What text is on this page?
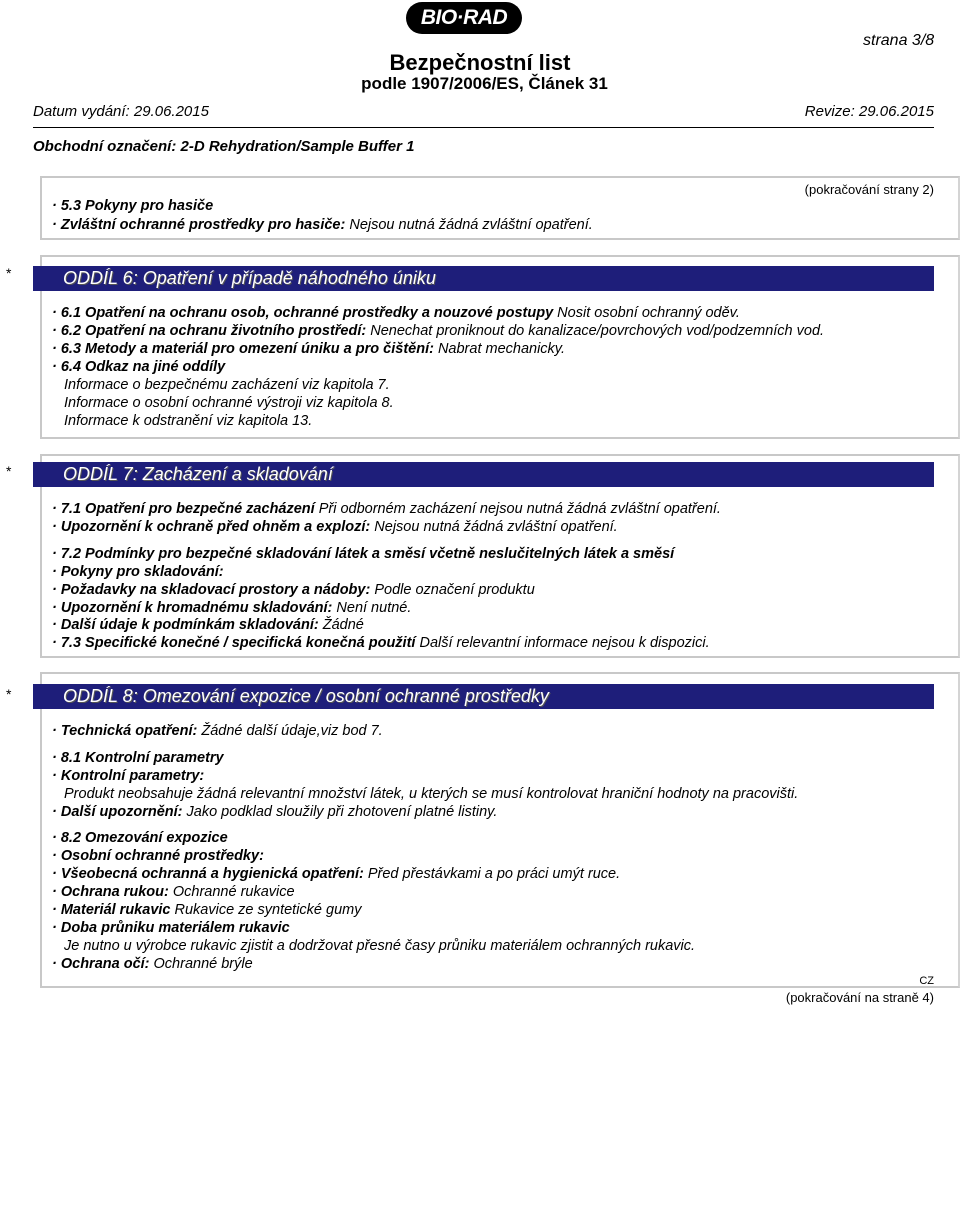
BIO·RAD
strana 3/8
Bezpečnostní list
podle 1907/2006/ES, Článek 31
Datum vydání: 29.06.2015	Revize: 29.06.2015
Obchodní označení: 2-D Rehydration/Sample Buffer 1
(pokračování strany 2)
· 5.3 Pokyny pro hasiče
· Zvláštní ochranné prostředky pro hasiče: Nejsou nutná žádná zvláštní opatření.
*	ODDÍL 6: Opatření v případě náhodného úniku
· 6.1 Opatření na ochranu osob, ochranné prostředky a nouzové postupy Nosit osobní ochranný oděv.
· 6.2 Opatření na ochranu životního prostředí: Nenechat proniknout do kanalizace/povrchových vod/podzemních vod.
· 6.3 Metody a materiál pro omezení úniku a pro čištění: Nabrat mechanicky.
· 6.4 Odkaz na jiné oddíly
Informace o bezpečnému zacházení viz kapitola 7.
Informace o osobní ochranné výstroji viz kapitola 8.
Informace k odstranění viz kapitola 13.
*	ODDÍL 7: Zacházení a skladování
· 7.1 Opatření pro bezpečné zacházení Při odborném zacházení nejsou nutná žádná zvláštní opatření.
· Upozornění k ochraně před ohněm a explozí: Nejsou nutná žádná zvláštní opatření.
· 7.2 Podmínky pro bezpečné skladování látek a směsí včetně neslučitelných látek a směsí
· Pokyny pro skladování:
· Požadavky na skladovací prostory a nádoby: Podle označení produktu
· Upozornění k hromadnému skladování: Není nutné.
· Další údaje k podmínkám skladování: Žádné
· 7.3 Specifické konečné / specifická konečná použití Další relevantní informace nejsou k dispozici.
*	ODDÍL 8: Omezování expozice / osobní ochranné prostředky
· Technická opatření: Žádné další údaje,viz bod 7.
· 8.1 Kontrolní parametry
· Kontrolní parametry:
Produkt neobsahuje žádná relevantní množství látek, u kterých se musí kontrolovat hraniční hodnoty na pracovišti.
· Další upozornění: Jako podklad sloužily při zhotovení platné listiny.
· 8.2 Omezování expozice
· Osobní ochranné prostředky:
· Všeobecná ochranná a hygienická opatření: Před přestávkami a po práci umýt ruce.
· Ochrana rukou: Ochranné rukavice
· Materiál rukavic Rukavice ze syntetické gumy
· Doba průniku materiálem rukavic
Je nutno u výrobce rukavic zjistit a dodržovat přesné časy průniku materiálem ochranných rukavic.
· Ochrana očí: Ochranné brýle
CZ
(pokračování na straně 4)
